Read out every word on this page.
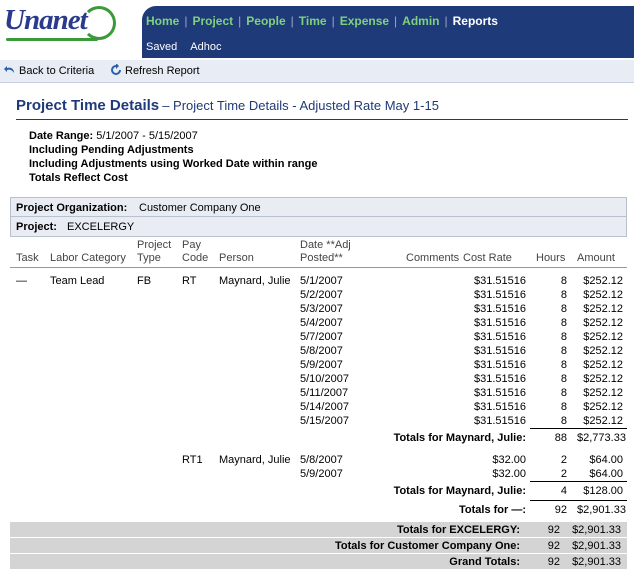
Unanet	Home | Project | People | Time | Expense | Admin | Reports
Saved Adhoc
Back to Criteria	Refresh Report
Project Time Details – Project Time Details - Adjusted Rate May 1-15
Date Range: 5/1/2007 - 5/15/2007
Including Pending Adjustments
Including Adjustments using Worked Date within range
Totals Reflect Cost
Project Organization: Customer Company One
Project: EXCELERGY
Task	Labor Category	Project Type	Pay Code	Person	Date **Adj Posted**	Comments	Cost Rate	Hours	Amount

—	Team Lead	FB	RT	Maynard, Julie	5/1/2007		$31.51516	8	$252.12
					5/2/2007		$31.51516	8	$252.12
					5/3/2007		$31.51516	8	$252.12
					5/4/2007		$31.51516	8	$252.12
					5/7/2007		$31.51516	8	$252.12
					5/8/2007		$31.51516	8	$252.12
					5/9/2007		$31.51516	8	$252.12
					5/10/2007		$31.51516	8	$252.12
					5/11/2007		$31.51516	8	$252.12
					5/14/2007		$31.51516	8	$252.12
					5/15/2007		$31.51516	8	$252.12
Totals for Maynard, Julie:								88	$2,773.33

			RT1	Maynard, Julie	5/8/2007		$32.00	2	$64.00
					5/9/2007		$32.00	2	$64.00
Totals for Maynard, Julie:								4	$128.00
Totals for —:								92	$2,901.33
Totals for EXCELERGY:	92 $2,901.33
Totals for Customer Company One:	92 $2,901.33
Grand Totals:	92 $2,901.33
